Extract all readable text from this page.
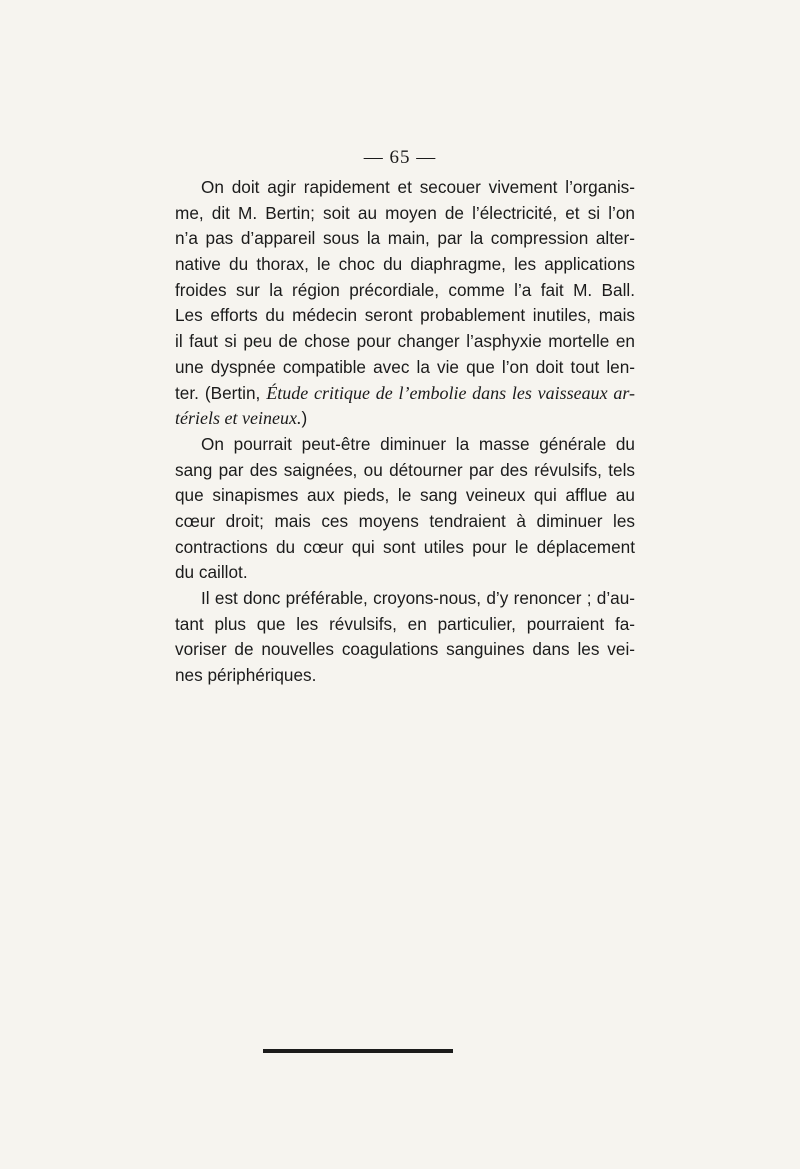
— 65 —
On doit agir rapidement et secouer vivement l’organis-
me, dit M. Bertin; soit au moyen de l’électricité, et si l’on
n’a pas d’appareil sous la main, par la compression alter-
native du thorax, le choc du diaphragme, les applications
froides sur la région précordiale, comme l’a fait M. Ball.
Les efforts du médecin seront probablement inutiles, mais
il faut si peu de chose pour changer l’asphyxie mortelle en
une dyspnée compatible avec la vie que l’on doit tout len-
ter. (Bertin, Étude critique de l’embolie dans les vaisseaux ar-
tériels et veineux.)
On pourrait peut-être diminuer la masse générale du
sang par des saignées, ou détourner par des révulsifs, tels
que sinapismes aux pieds, le sang veineux qui afflue au
cœur droit; mais ces moyens tendraient à diminuer les
contractions du cœur qui sont utiles pour le déplacement
du caillot.
Il est donc préférable, croyons-nous, d’y renoncer ; d’au-
tant plus que les révulsifs, en particulier, pourraient fa-
voriser de nouvelles coagulations sanguines dans les vei-
nes périphériques.
